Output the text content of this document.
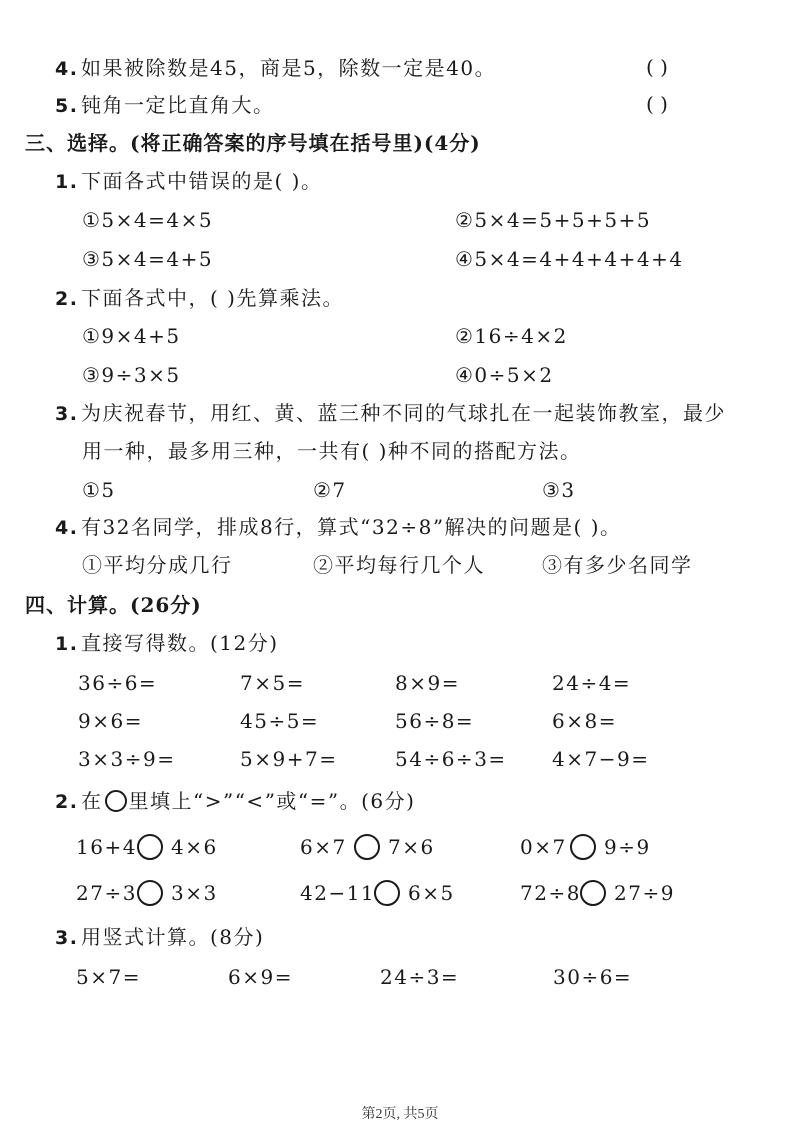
4. 如果被除数是45，商是5，除数一定是40。	( )
5. 钝角一定比直角大。	( )
三、选择。(将正确答案的序号填在括号里)(4分)
1. 下面各式中错误的是( )。
①5×4=4×5	②5×4=5+5+5+5
③5×4=4+5	④5×4=4+4+4+4+4
2. 下面各式中，( )先算乘法。
①9×4+5	②16÷4×2
③9÷3×5	④0÷5×2
3. 为庆祝春节，用红、黄、蓝三种不同的气球扎在一起装饰教室，最少
用一种，最多用三种，一共有( )种不同的搭配方法。
①5	②7	③3
4. 有32名同学，排成8行，算式“32÷8”解决的问题是( )。
①平均分成几行	②平均每行几个人	③有多少名同学
四、计算。(26分)
1. 直接写得数。(12分)
36÷6=	7×5=	8×9=	24÷4=
9×6=	45÷5=	56÷8=	6×8=
3×3÷9=	5×9+7=	54÷6÷3= 4×7−9=
2. 在 里填上“>”“<”或“=”。(6分)
16+4 4×6	6×7 7×6	0×7 9÷9
27÷3 3×3	42−11 6×5	72÷8 27÷9
3. 用竖式计算。(8分)
5×7=	6×9=	24÷3=	30÷6=
第2页, 共5页
